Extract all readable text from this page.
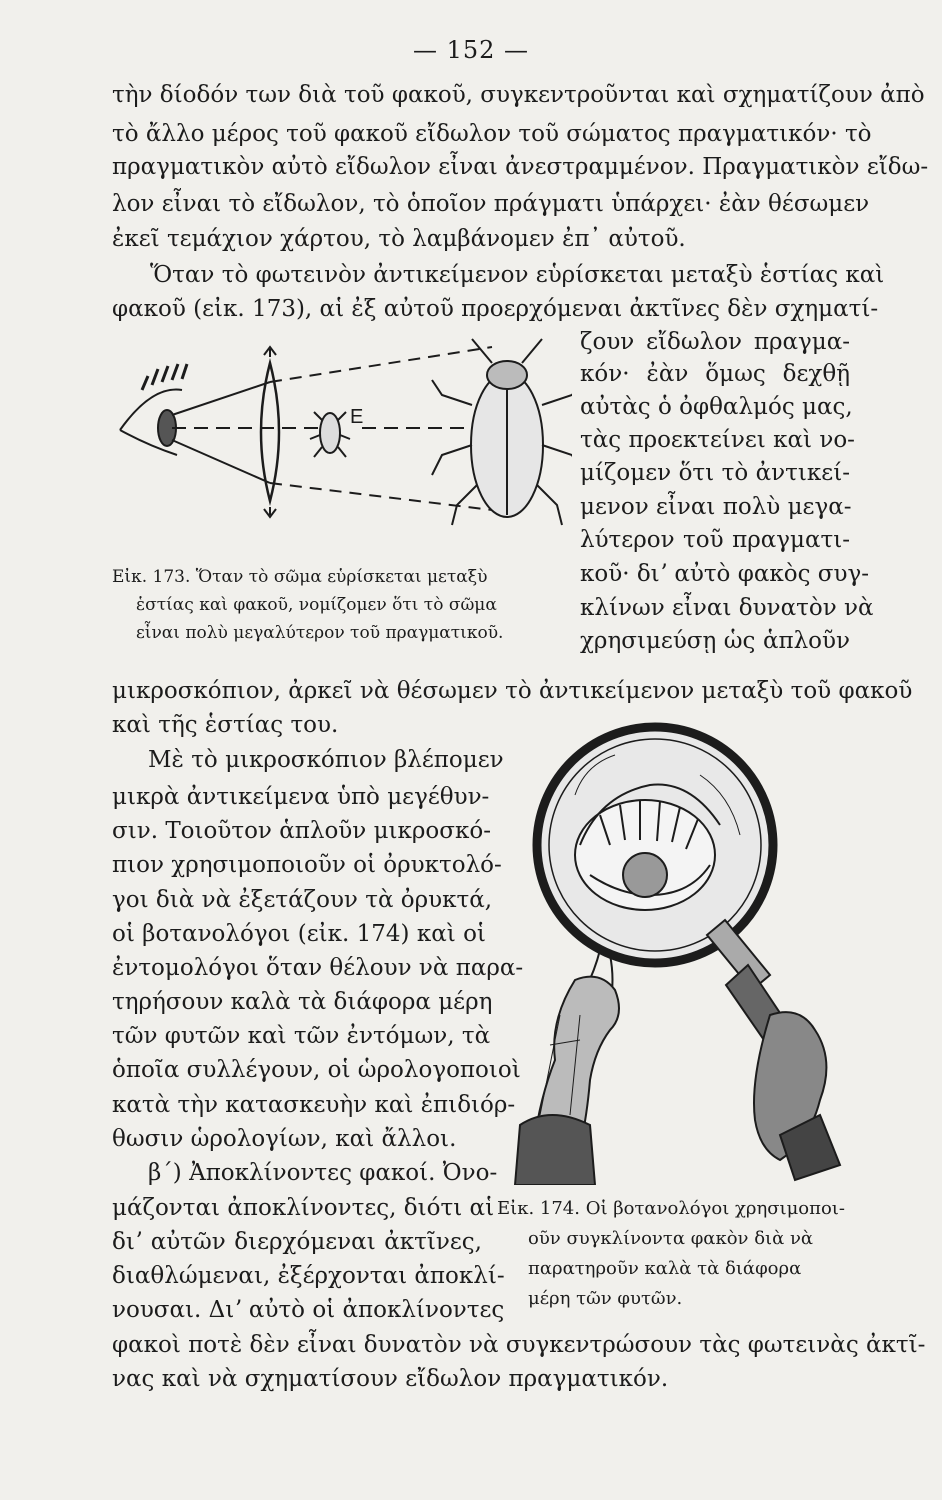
— 152 —
τὴν δίοδόν των διὰ τοῦ φακοῦ, συγκεντροῦνται καὶ σχηματίζουν ἀπὸ
τὸ ἄλλο μέρος τοῦ φακοῦ εἴδωλον τοῦ σώματος πραγματικόν· τὸ
πραγματικὸν αὐτὸ εἴδωλον εἶναι ἀνεστραμμένον. Πραγματικὸν εἴδω-
λον εἶναι τὸ εἴδωλον, τὸ ὁποῖον πράγματι ὑπάρχει· ἐὰν θέσωμεν
ἐκεῖ τεμάχιον χάρτου, τὸ λαμβάνομεν ἐπ᾿ αὐτοῦ.
Ὅταν τὸ φωτεινὸν ἀντικείμενον εὑρίσκεται μεταξὺ ἑστίας καὶ
φακοῦ (εἰκ. 173), αἱ ἐξ αὐτοῦ προερχόμεναι ἀκτῖνες δὲν σχηματί-
ζουν εἴδωλον πραγμα-
κόν· ἐὰν ὅμως δεχθῇ
αὐτὰς ὁ ὀφθαλμός μας,
τὰς προεκτείνει καὶ νο-
μίζομεν ὅτι τὸ ἀντικεί-
μενον εἶναι πολὺ μεγα-
λύτερον τοῦ πραγματι-
κοῦ· διʼ αὐτὸ φακὸς συγ-
κλίνων εἶναι δυνατὸν νὰ
χρησιμεύσῃ ὡς ἁπλοῦν
E
Εἰκ. 173. Ὅταν τὸ σῶμα εὑρίσκεται μεταξὺ
ἑστίας καὶ φακοῦ, νομίζομεν ὅτι τὸ σῶμα
εἶναι πολὺ μεγαλύτερον τοῦ πραγματικοῦ.
μικροσκόπιον, ἀρκεῖ νὰ θέσωμεν τὸ ἀντικείμενον μεταξὺ τοῦ φακοῦ
καὶ τῆς ἑστίας του.
Μὲ τὸ μικροσκόπιον βλέπομεν
μικρὰ ἀντικείμενα ὑπὸ μεγέθυν-
σιν. Τοιοῦτον ἁπλοῦν μικροσκό-
πιον χρησιμοποιοῦν οἱ ὀρυκτολό-
γοι διὰ νὰ ἐξετάζουν τὰ ὀρυκτά,
οἱ βοτανολόγοι (εἰκ. 174) καὶ οἱ
ἐντομολόγοι ὅταν θέλουν νὰ παρα-
τηρήσουν καλὰ τὰ διάφορα μέρη
τῶν φυτῶν καὶ τῶν ἐντόμων, τὰ
ὁποῖα συλλέγουν, οἱ ὡρολογοποιοὶ
κατὰ τὴν κατασκευὴν καὶ ἐπιδιόρ-
θωσιν ὡρολογίων, καὶ ἄλλοι.
β΄) Ἀποκλίνοντες φακοί. Ὀνο-
μάζονται ἀποκλίνοντες, διότι αἱ
διʼ αὐτῶν διερχόμεναι ἀκτῖνες,
διαθλώμεναι, ἐξέρχονται ἀποκλί-
νουσαι. Διʼ αὐτὸ οἱ ἀποκλίνοντες
Εἰκ. 174. Οἱ βοτανολόγοι χρησιμοποι-
οῦν συγκλίνοντα φακὸν διὰ νὰ
παρατηροῦν καλὰ τὰ διάφορα
μέρη τῶν φυτῶν.
φακοὶ ποτὲ δὲν εἶναι δυνατὸν νὰ συγκεντρώσουν τὰς φωτεινὰς ἀκτῖ-
νας καὶ νὰ σχηματίσουν εἴδωλον πραγματικόν.
